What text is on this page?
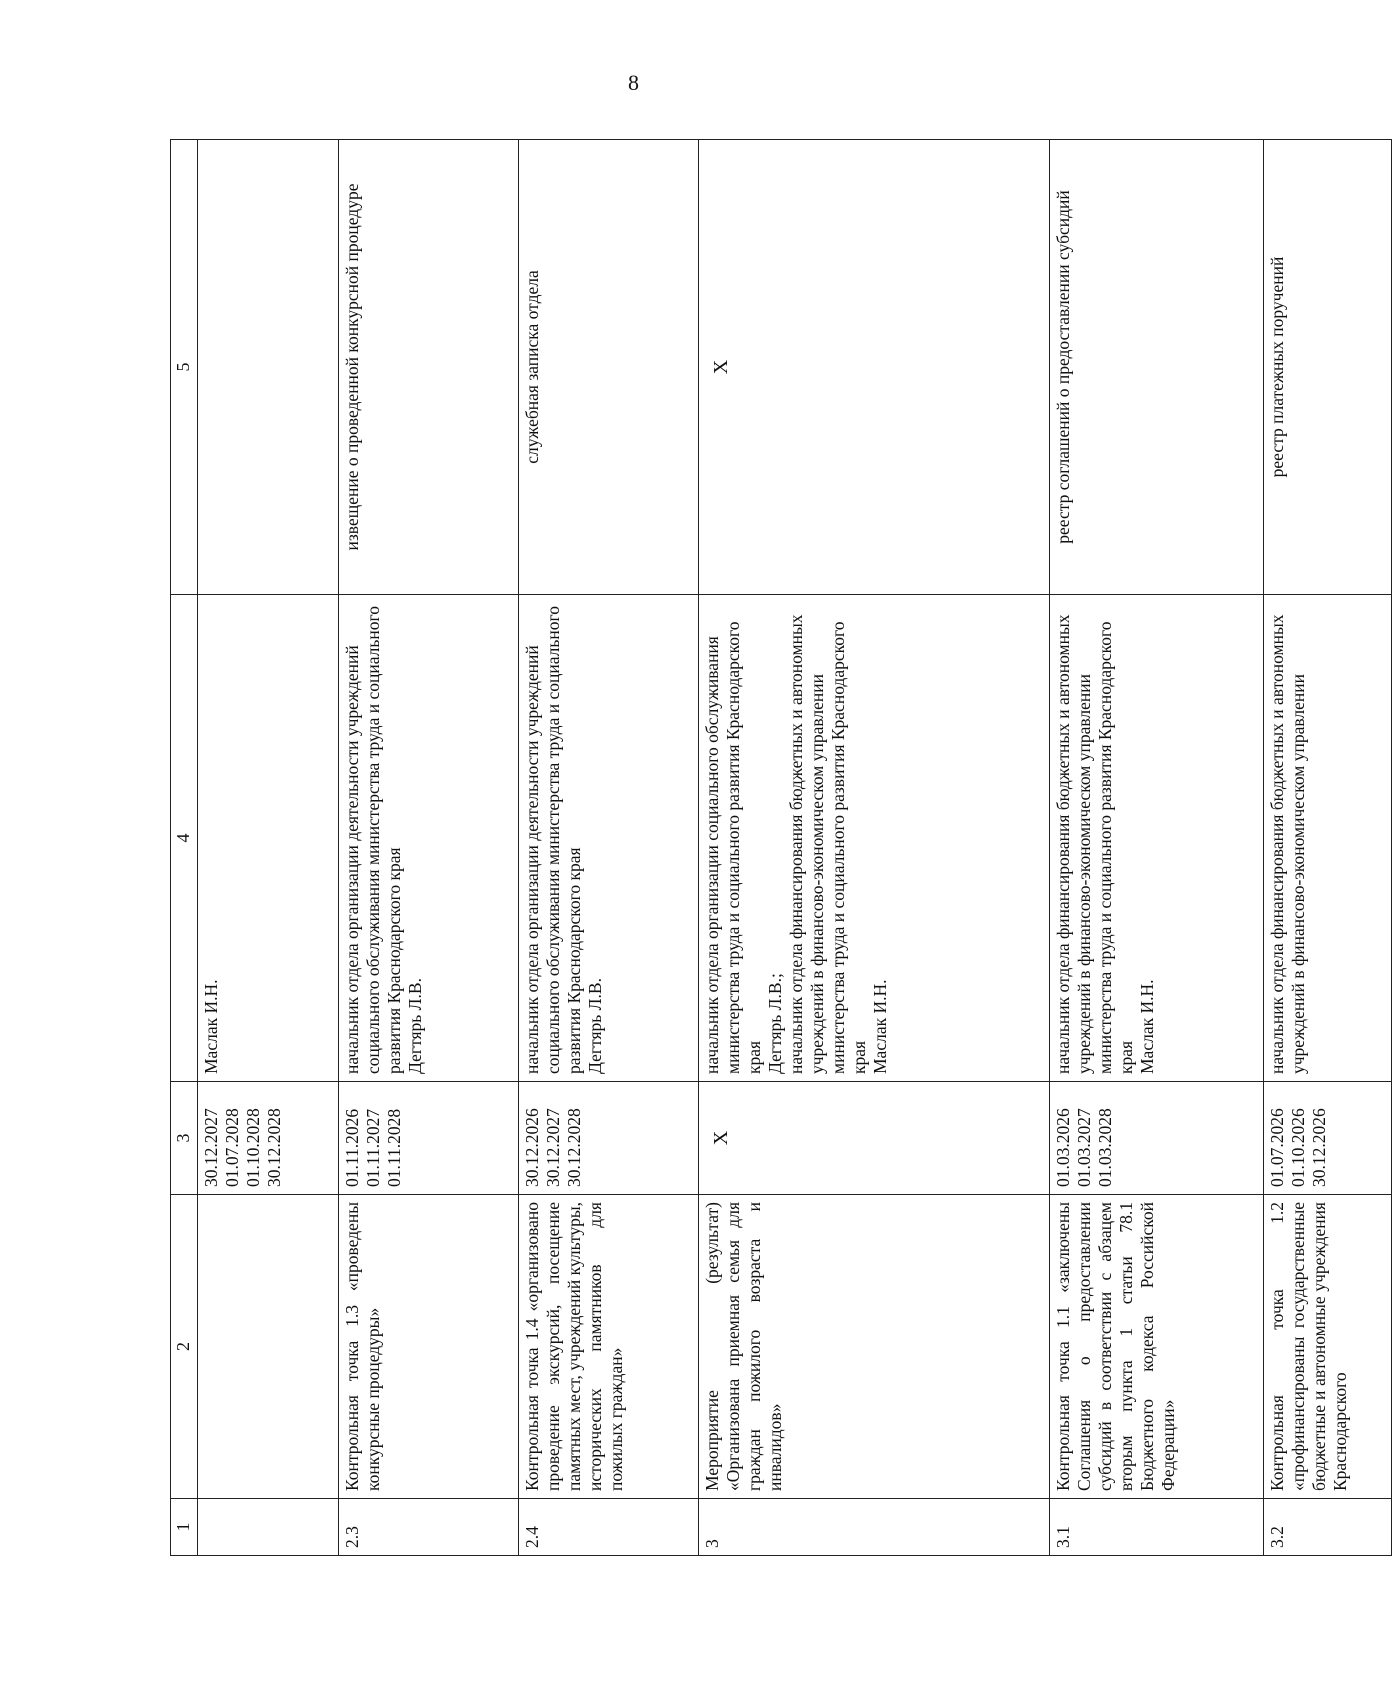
8
1	2	3	4	5
		30.12.2027
01.07.2028
01.10.2028
30.12.2028	Маслак И.Н.	
2.3	Контрольная точка 1.3 «проведены конкурсные процедуры»	01.11.2026
01.11.2027
01.11.2028	начальник отдела организации деятельности учреждений социального обслуживания министерства труда и социального развития Краснодарского края
Дегтярь Л.В.	извещение о проведенной конкурсной процедуре
2.4	Контрольная точка 1.4 «организовано проведение экскурсий, посещение памятных мест, учреждений культуры, исторических памятников для пожилых граждан»	30.12.2026
30.12.2027
30.12.2028	начальник отдела организации деятельности учреждений социального обслуживания министерства труда и социального развития Краснодарского края
Дегтярь Л.В.	служебная записка отдела
3	Мероприятие (результат) «Организована приемная семья для граждан пожилого возраста и инвалидов»	Х	начальник отдела организации социального обслуживания министерства труда и социального развития Краснодарского края
Дегтярь Л.В.;
начальник отдела финансирования бюджетных и автономных учреждений в финансово-экономическом управлении министерства труда и социального развития Краснодарского края
Маслак И.Н.	Х
3.1	Контрольная точка 1.1 «заключены Соглашения о предоставлении субсидий в соответствии с абзацем вторым пункта 1 статьи 78.1 Бюджетного кодекса Российской Федерации»	01.03.2026
01.03.2027
01.03.2028	начальник отдела финансирования бюджетных и автономных учреждений в финансово-экономическом управлении министерства труда и социального развития Краснодарского края
Маслак И.Н.	реестр соглашений о предоставлении субсидий
3.2	Контрольная точка 1.2 «профинансированы государственные бюджетные и автономные учреждения Краснодарского	01.07.2026
01.10.2026
30.12.2026	начальник отдела финансирования бюджетных и автономных учреждений в финансово-экономическом управлении	реестр платежных поручений
